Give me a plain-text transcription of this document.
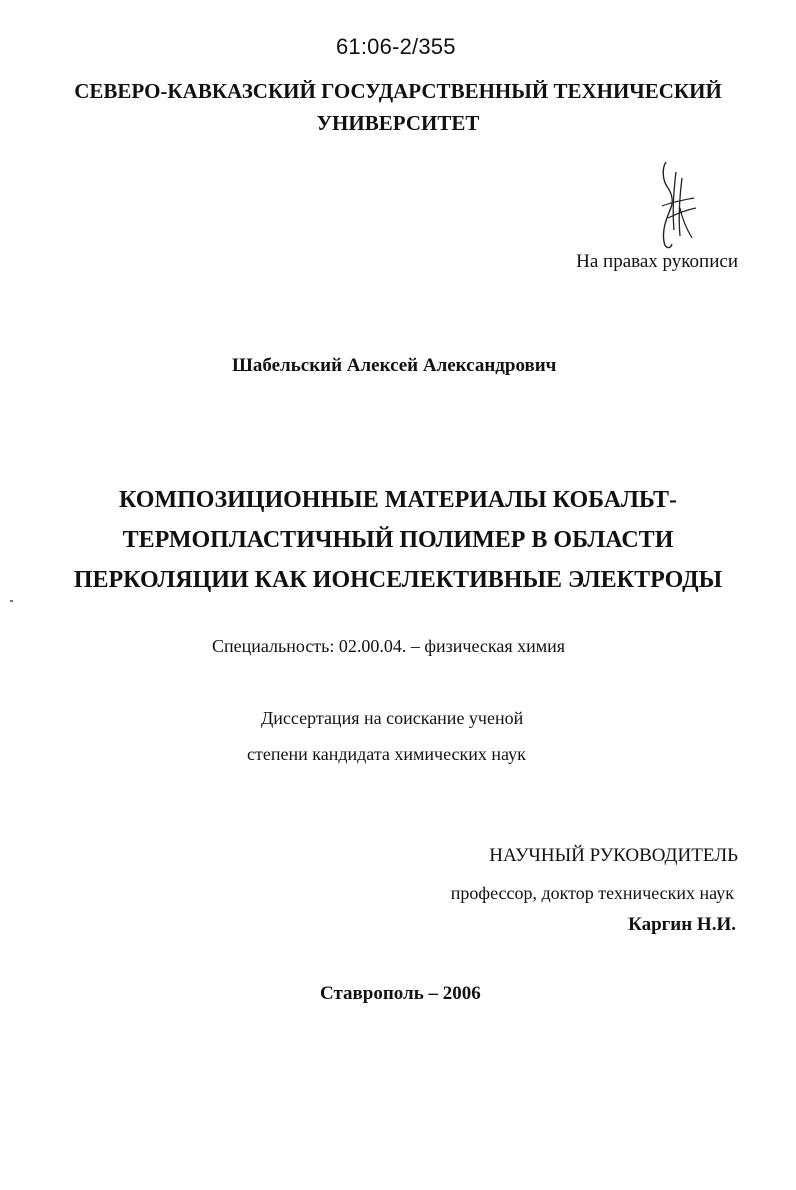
61:06-2/355
СЕВЕРО-КАВКАЗСКИЙ ГОСУДАРСТВЕННЫЙ ТЕХНИЧЕСКИЙ
УНИВЕРСИТЕТ
На правах рукописи
Шабельский Алексей Александрович
КОМПОЗИЦИОННЫЕ МАТЕРИАЛЫ КОБАЛЬТ-
ТЕРМОПЛАСТИЧНЫЙ ПОЛИМЕР В ОБЛАСТИ
ПЕРКОЛЯЦИИ КАК ИОНСЕЛЕКТИВНЫЕ ЭЛЕКТРОДЫ
Специальность: 02.00.04. – физическая химия
Диссертация на соискание ученой
степени кандидата химических наук
НАУЧНЫЙ РУКОВОДИТЕЛЬ
профессор, доктор технических наук
Каргин Н.И.
Ставрополь – 2006
